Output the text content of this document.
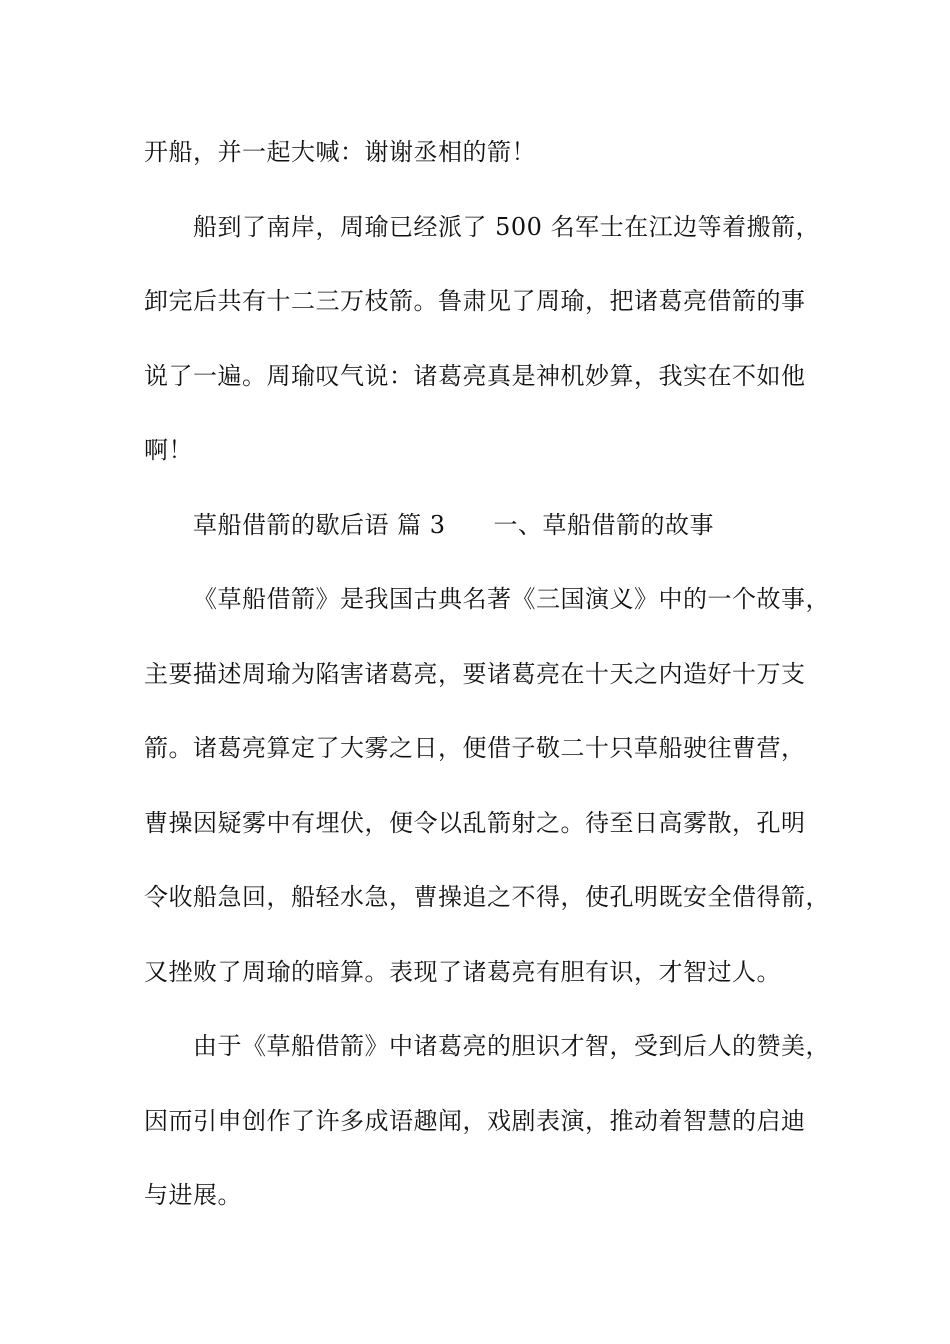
开船，并一起大喊：谢谢丞相的箭！

船到了南岸，周瑜已经派了 500 名军士在江边等着搬箭，

卸完后共有十二三万枝箭。鲁肃见了周瑜，把诸葛亮借箭的事

说了一遍。周瑜叹气说：诸葛亮真是神机妙算，我实在不如他

啊！

草船借箭的歇后语 篇 3 一、草船借箭的故事

《草船借箭》是我国古典名著《三国演义》中的一个故事，

主要描述周瑜为陷害诸葛亮，要诸葛亮在十天之内造好十万支

箭。诸葛亮算定了大雾之日，便借子敬二十只草船驶往曹营，

曹操因疑雾中有埋伏，便令以乱箭射之。待至日高雾散，孔明

令收船急回，船轻水急，曹操追之不得，使孔明既安全借得箭，

又挫败了周瑜的暗算。表现了诸葛亮有胆有识，才智过人。

由于《草船借箭》中诸葛亮的胆识才智，受到后人的赞美，

因而引申创作了许多成语趣闻，戏剧表演，推动着智慧的启迪

与进展。
